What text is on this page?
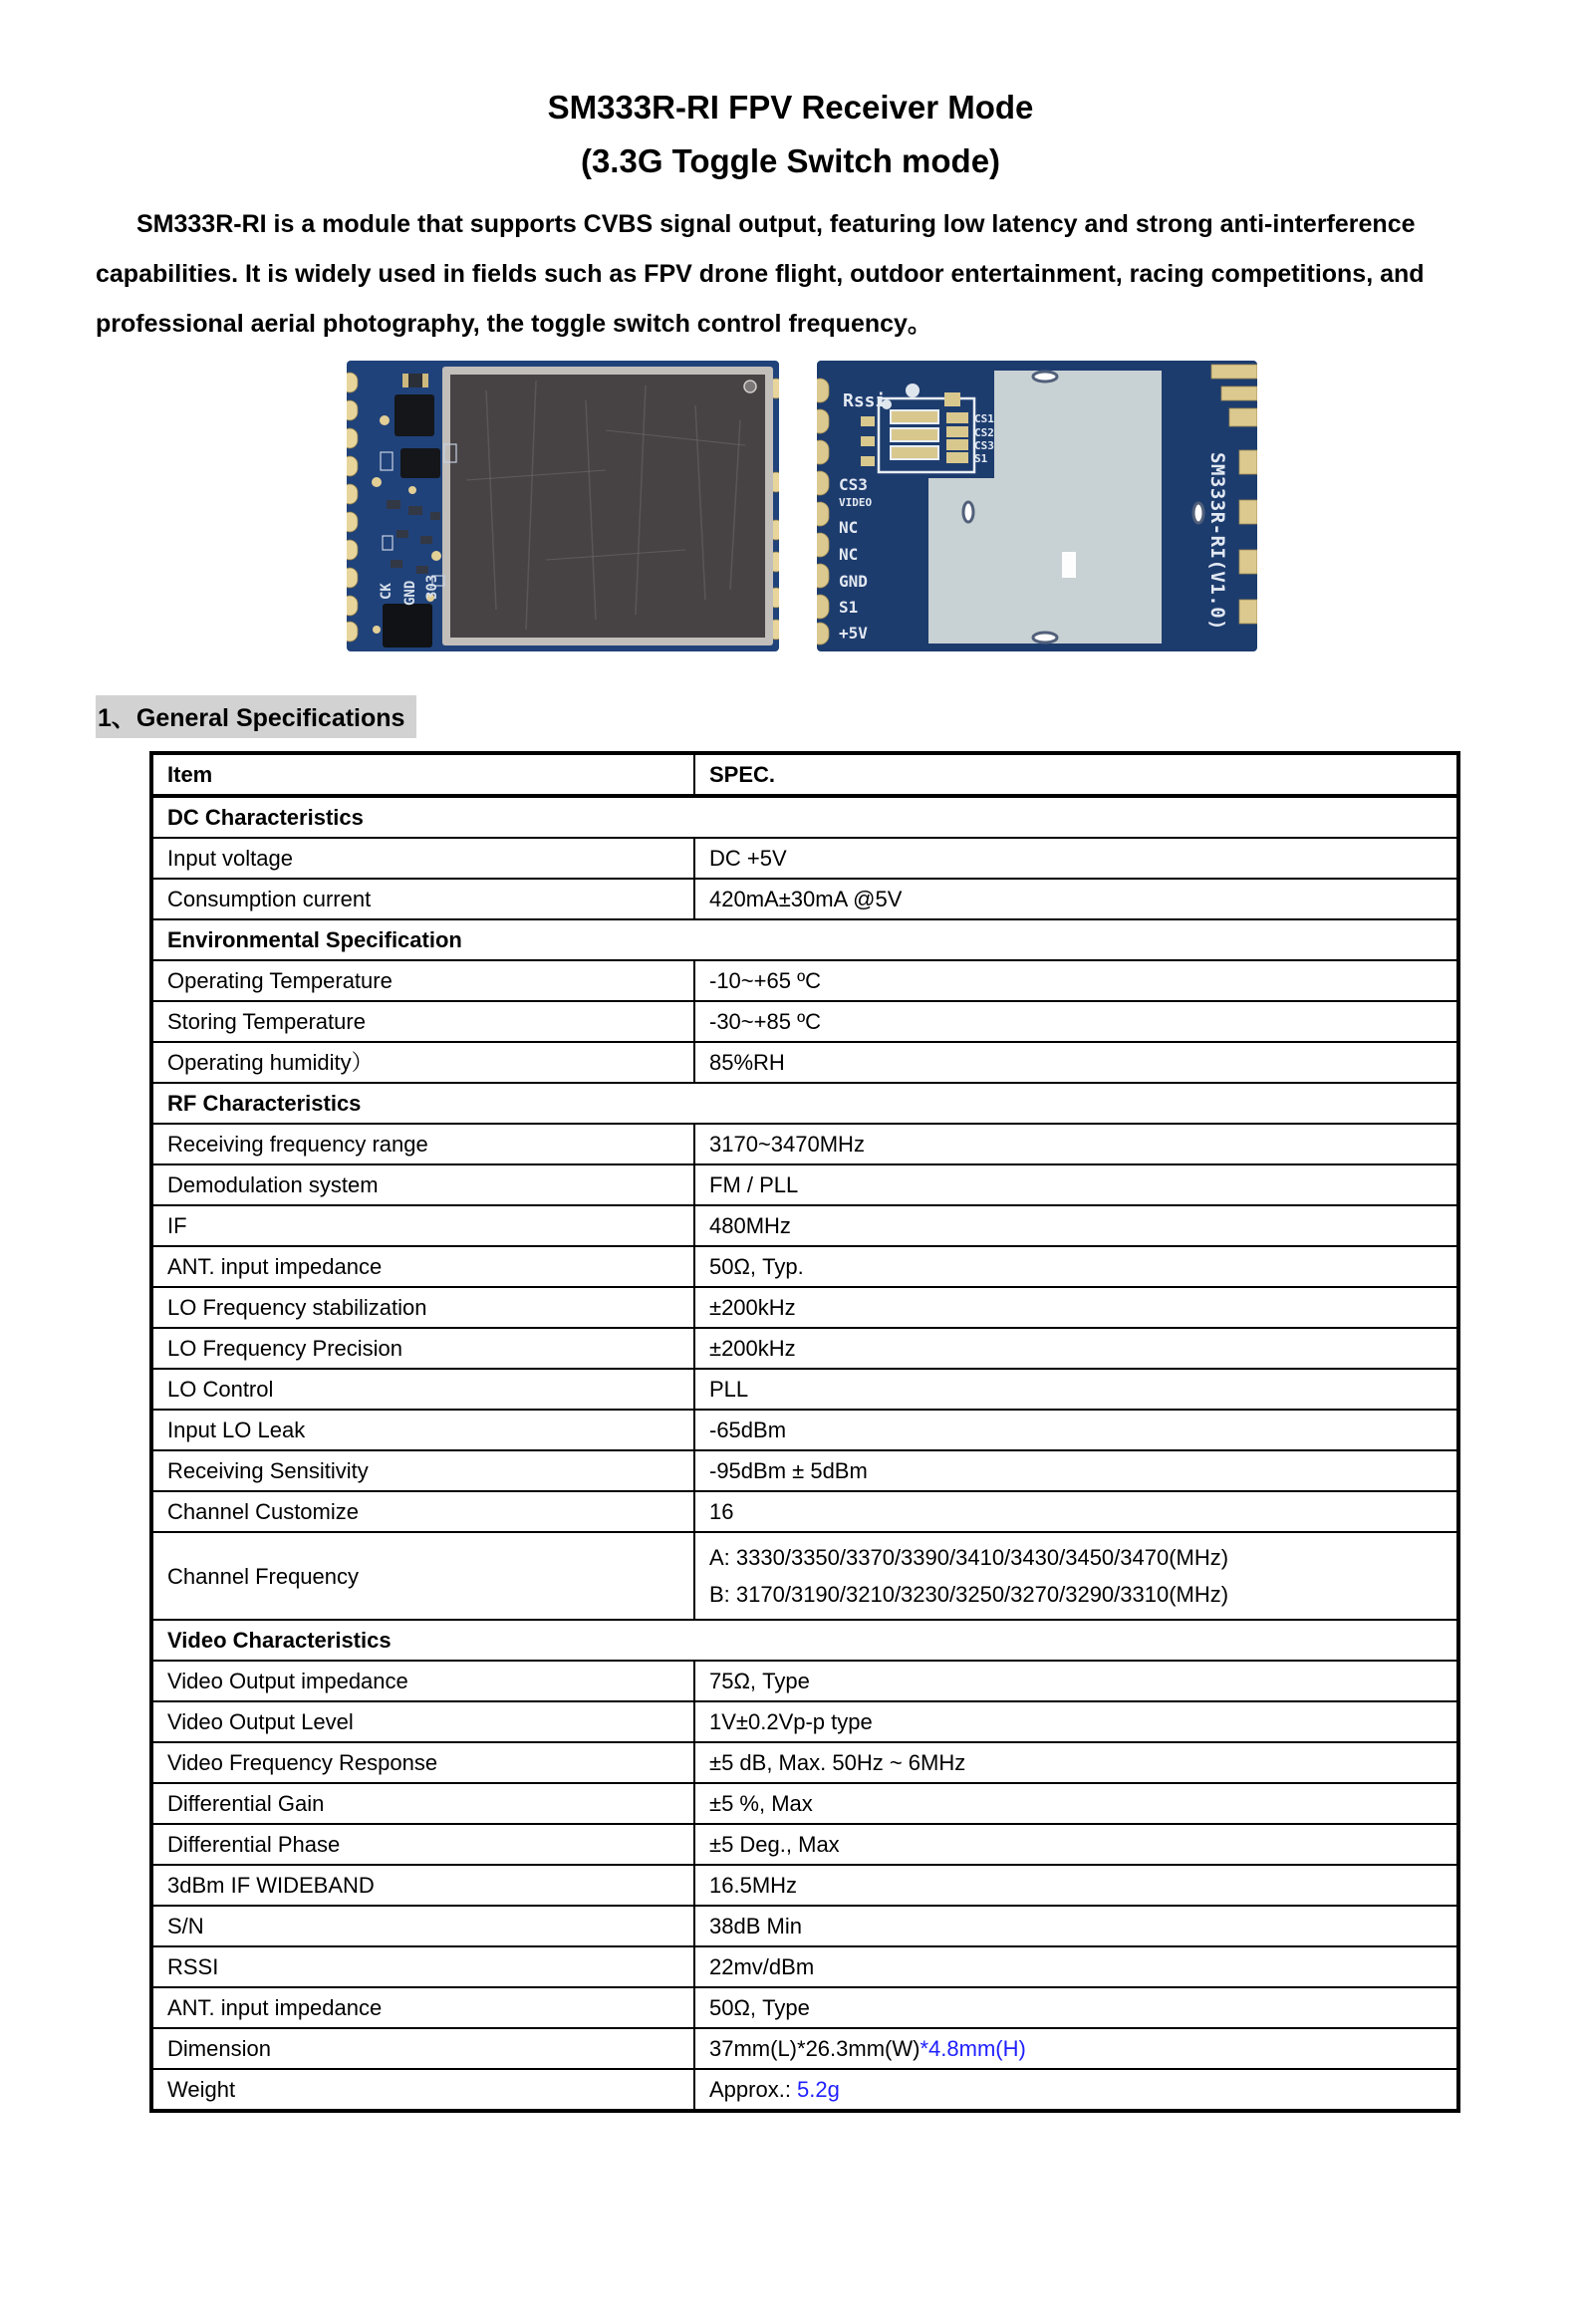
SM333R-RI FPV Receiver Mode
(3.3G Toggle Switch mode)

SM333R-RI is a module that supports CVBS signal output, featuring low latency and strong anti-interference capabilities. It is widely used in fields such as FPV drone flight, outdoor entertainment, racing competitions, and professional aerial photography, the toggle switch control frequency。

CK GND 303
Rssi
CS1
CS2
CS3
S1
CS3
VIDEO
NC
NC
GND
S1
+5V
SM333R-RI(V1.0)
1、General Specifications
Item	SPEC.
DC Characteristics	
Input voltage	DC +5V
Consumption current	420mA±30mA @5V
Environmental Specification	
Operating Temperature	-10~+65 ºC
Storing Temperature	-30~+85 ºC
Operating humidity）	85%RH
RF Characteristics	
Receiving frequency range	3170~3470MHz
Demodulation system	FM / PLL
IF	480MHz
ANT. input impedance	50Ω, Typ.
LO Frequency stabilization	±200kHz
LO Frequency Precision	±200kHz
LO Control	PLL
Input LO Leak	-65dBm
Receiving Sensitivity	-95dBm ± 5dBm
Channel Customize	16
Channel Frequency	A: 3330/3350/3370/3390/3410/3430/3450/3470(MHz)
B: 3170/3190/3210/3230/3250/3270/3290/3310(MHz)

Video Characteristics	
Video Output impedance	75Ω, Type
Video Output Level	1V±0.2Vp-p type
Video Frequency Response	±5 dB, Max. 50Hz ~ 6MHz
Differential Gain	±5 %, Max
Differential Phase	±5 Deg., Max
3dBm IF WIDEBAND	16.5MHz
S/N	38dB Min
RSSI	22mv/dBm
ANT. input impedance	50Ω, Type
Dimension	37mm(L)*26.3mm(W)*4.8mm(H)
Weight	Approx.: 5.2g
